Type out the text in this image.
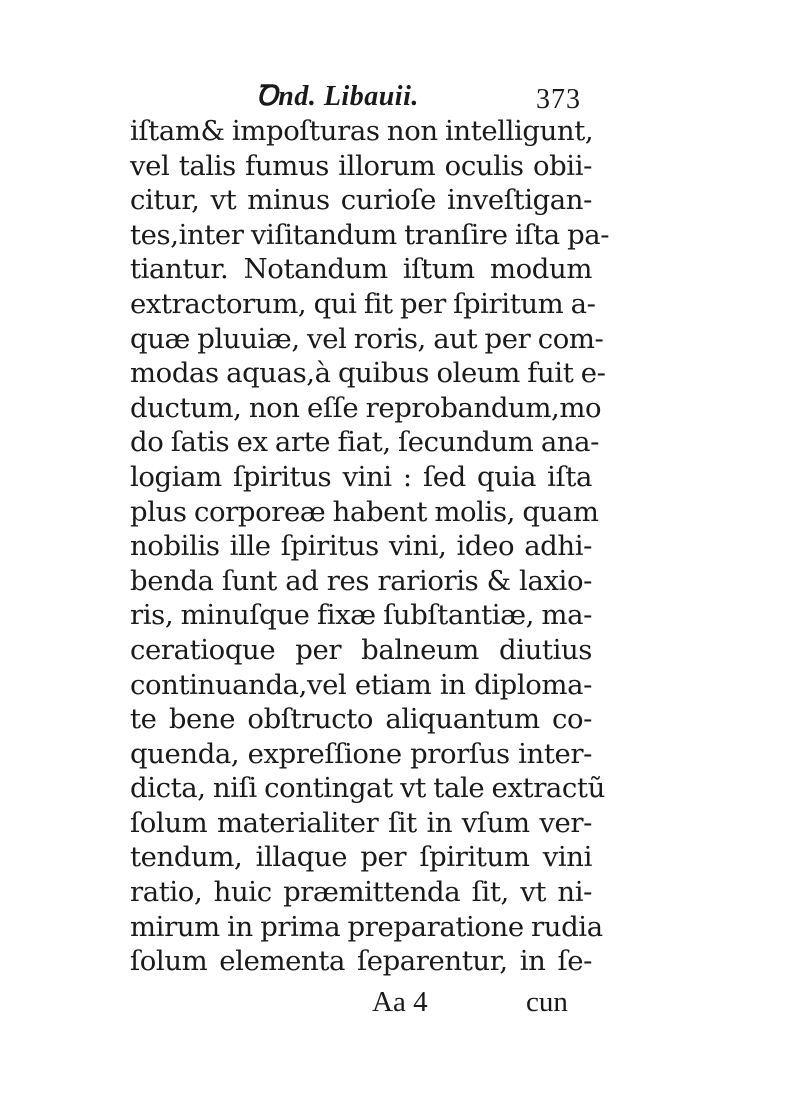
Ꝺnd. Libauii.	373
iſtam& impoſturas non intelligunt,
vel talis fumus illorum oculis obii-
citur, vt minus curioſe inveſtigan-
tes,inter viſitandum tranſire iſta pa-
tiantur. Notandum iſtum modum
extractorum, qui fit per ſpiritum a-
quæ pluuiæ, vel roris, aut per com-
modas aquas,à quibus oleum fuit e-
ductum, non eſſe reprobandum,mo
do ſatis ex arte fiat, ſecundum ana-
logiam ſpiritus vini : ſed quia iſta
plus corporeæ habent molis, quam
nobilis ille ſpiritus vini, ideo adhi-
benda ſunt ad res rarioris & laxio-
ris, minuſque fixæ ſubſtantiæ, ma-
ceratioque per balneum diutius
continuanda,vel etiam in diploma-
te bene obſtructo aliquantum co-
quenda, expreſſione prorſus inter-
dicta, niſi contingat vt tale extractũ
ſolum materialiter ſit in vſum ver-
tendum, illaque per ſpiritum vini
ratio, huic præmittenda ſit, vt ni-
mirum in prima preparatione rudia
ſolum elementa ſeparentur, in ſe-
Aa 4	cun
